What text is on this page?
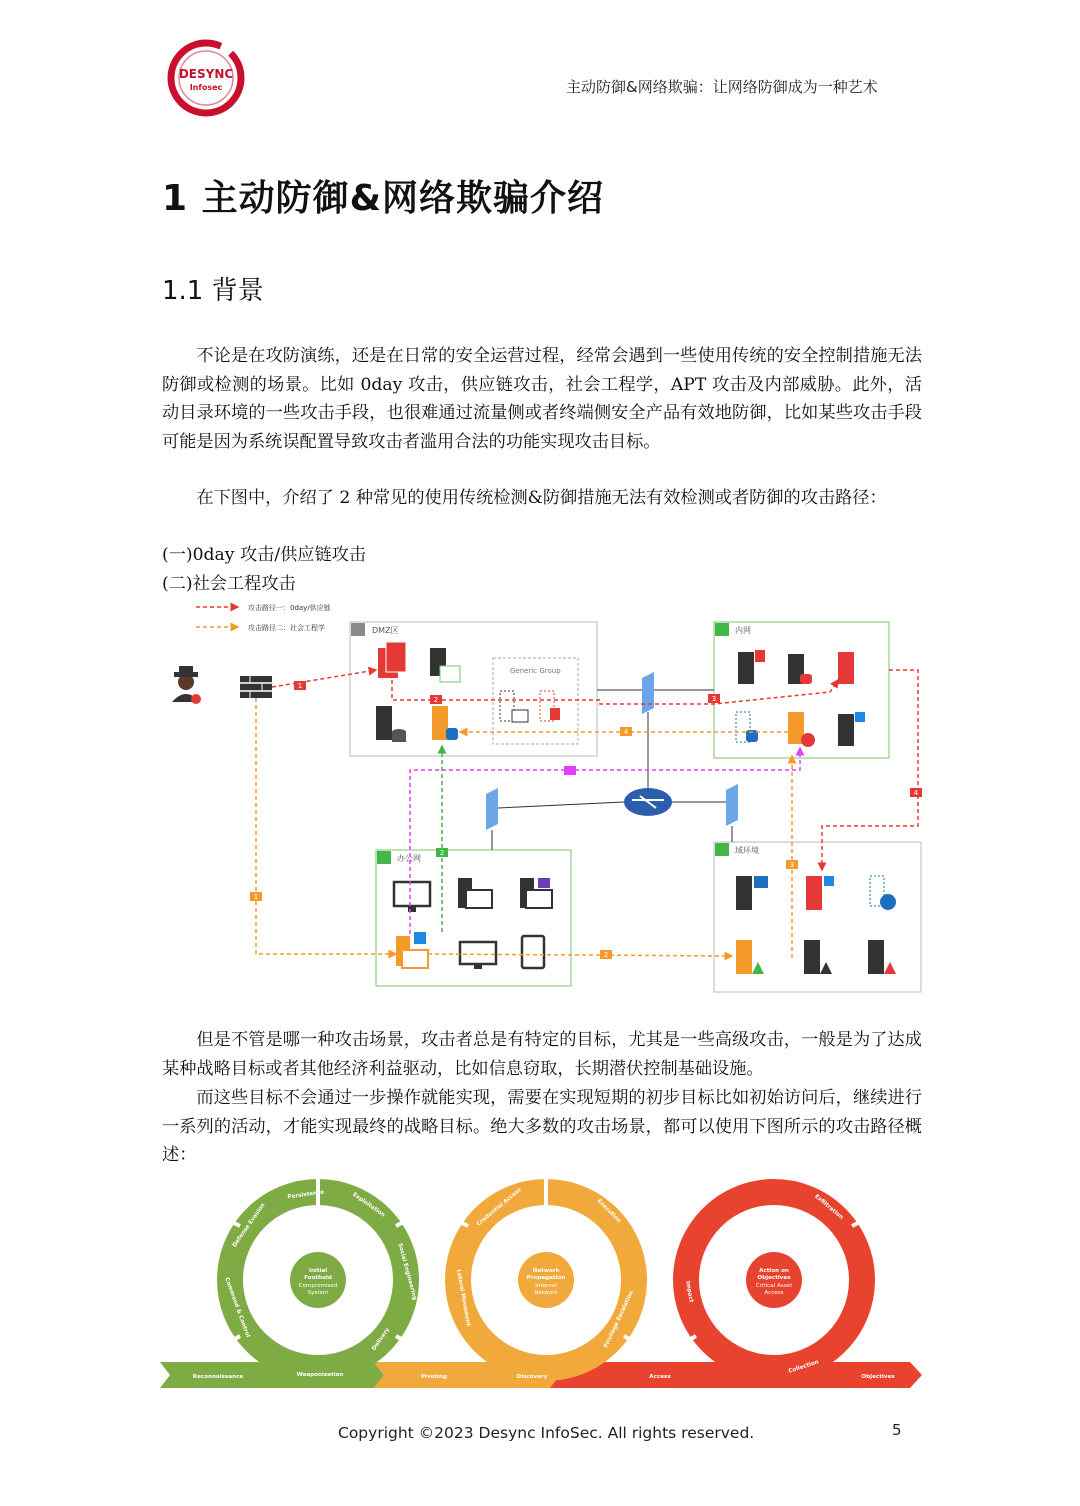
DESYNC
Infosec	主动防御&网络欺骗：让网络防御成为一种艺术
1 主动防御&网络欺骗介绍
1.1 背景

不论是在攻防演练，还是在日常的安全运营过程，经常会遇到一些使用传统的安全控制措施无法防御或检测的场景。比如 0day 攻击，供应链攻击，社会工程学，APT 攻击及内部威胁。此外，活动目录环境的一些攻击手段，也很难通过流量侧或者终端侧安全产品有效地防御，比如某些攻击手段可能是因为系统误配置导致攻击者滥用合法的功能实现攻击目标。

在下图中，介绍了 2 种常见的使用传统检测&防御措施无法有效检测或者防御的攻击路径：

(一)0day 攻击/供应链攻击
(二)社会工程攻击
攻击路径一：0day/供应链
攻击路径二：社会工程学	DMZ区	内网
办公网
域环境
Generic Group
1
2	3
4
1
2
3
4
2

但是不管是哪一种攻击场景，攻击者总是有特定的目标，尤其是一些高级攻击，一般是为了达成某种战略目标或者其他经济利益驱动，比如信息窃取，长期潜伏控制基础设施。

而这些目标不会通过一步操作就能实现，需要在实现短期的初步目标比如初始访问后，继续进行一系列的活动，才能实现最终的战略目标。绝大多数的攻击场景，都可以使用下图所示的攻击路径概述：

Initial
Foothold
Compromised
System
Network
Propagation
Internal
Network
Action on
Objectives
Critical Asset
Access
Persistence	Exploitation
Social Engineering
Delivery
Command & Control
Defense Evasion	Credential Access	Execution
Privilege Escalation
Lateral Movement
Exfiltration
Impact
Reconnaissance	Weaponization	Pivoting	Discovery	Access
Collection
Objectives
Copyright ©2023 Desync InfoSec. All rights reserved.	5
